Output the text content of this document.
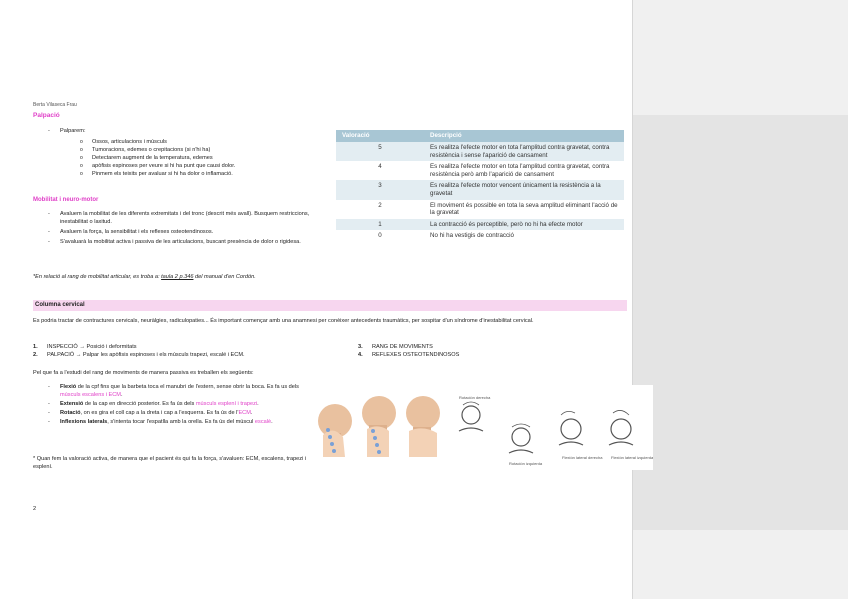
Berta Vilaseca Frau
Palpació
- Palparem:
o Ossos, articulacions i músculs
o Tumoracions, edemes o crepitacions (si n'hi ha)
o Detectarem augment de la temperatura, edemes
o apòfisis espinoses per veure si hi ha punt que causi dolor.
o Pinmem els teixits per avaluar si hi ha dolor o inflamació.
Mobilitat i neuro-motor
- Avaluem la mobilitat de les diferents extremitats i del tronc (descrit més avall). Busquem restriccions, inestabilitat o laxitud.
- Avaluem la força, la sensibilitat i els reflexes osteotendinosos.
- S'avaluarà la mobilitat activa i passiva de les articulacions, buscant presència de dolor o rigidesa.
*En relació al rang de mobilitat articular, es troba a: taula 2 p.346 del manual d'en Cordón.
Valoració	Descripció
5	Es realitza l'efecte motor en tota l'amplitud contra gravetat, contra resistència i sense l'aparició de cansament
4	Es realitza l'efecte motor en tota l'amplitud contra gravetat, contra resistència però amb l'aparició de cansament
3	Es realitza l'efecte motor vencent únicament la resistència a la gravetat
2	El moviment és possible en tota la seva amplitud eliminant l'acció de la gravetat
1	La contracció és perceptible, però no hi ha efecte motor
0	No hi ha vestigis de contracció
Columna cervical
Es podria tractar de contractures cervicals, neuràlgies, radiculopaties... És important començar amb una anamnesi per conèixer antecedents traumàtics, per sospitar d'un síndrome d'inestabilitat cervical.
1. INSPECCIÓ → Posició i deformitats
2. PALPACIÓ → Palpar les apòfisis espinoses i els músculs trapezi, escalé i ECM.
3. RANG DE MOVIMENTS
4. REFLEXES OSTEOTENDINOSOS
Pel que fa a l'estudi del rang de moviments de manera passiva es treballen els següents:
- Flexió de la cpf fins que la barbeta toca el manubri de l'estern, sense obrir la boca. Es fa us dels músculs escalens i ECM.
- Extensió de la cap en direcció posterior. Es fa ús dels músculs esplení i trapezi.
- Rotació, on es gira el coll cap a la dreta i cap a l'esquerra. Es fa ús de l'ECM.
- Inflexions laterals, s'intenta tocar l'espatlla amb la orella. Es fa ús del múscul escalè.
* Quan fem la valoració activa, de manera que el pacient és qui fa la força, s'avaluen: ECM, escalens, trapezi i esplení.
2
Rotación derecha
Rotación izquierda
Flexión lateral derecha Flexión lateral izquierda
